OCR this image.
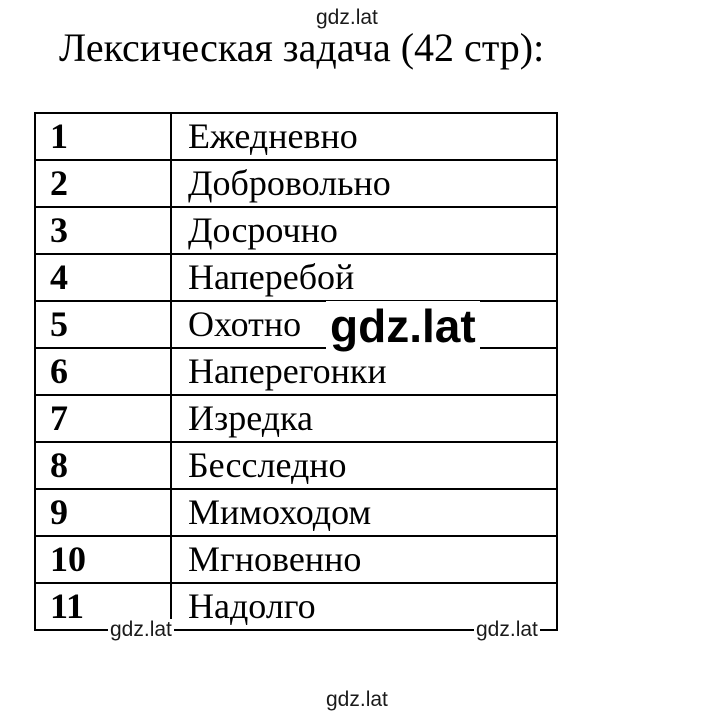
gdz.lat
Лексическая задача (42 стр):
1	Ежедневно
2	Добровольно
3	Досрочно
4	Наперебой
5	Охотно
6	Наперегонки
7	Изредка
8	Бесследно
9	Мимоходом
10	Мгновенно
11	Надолго
gdz.lat
gdz.lat	gdz.lat
gdz.lat
